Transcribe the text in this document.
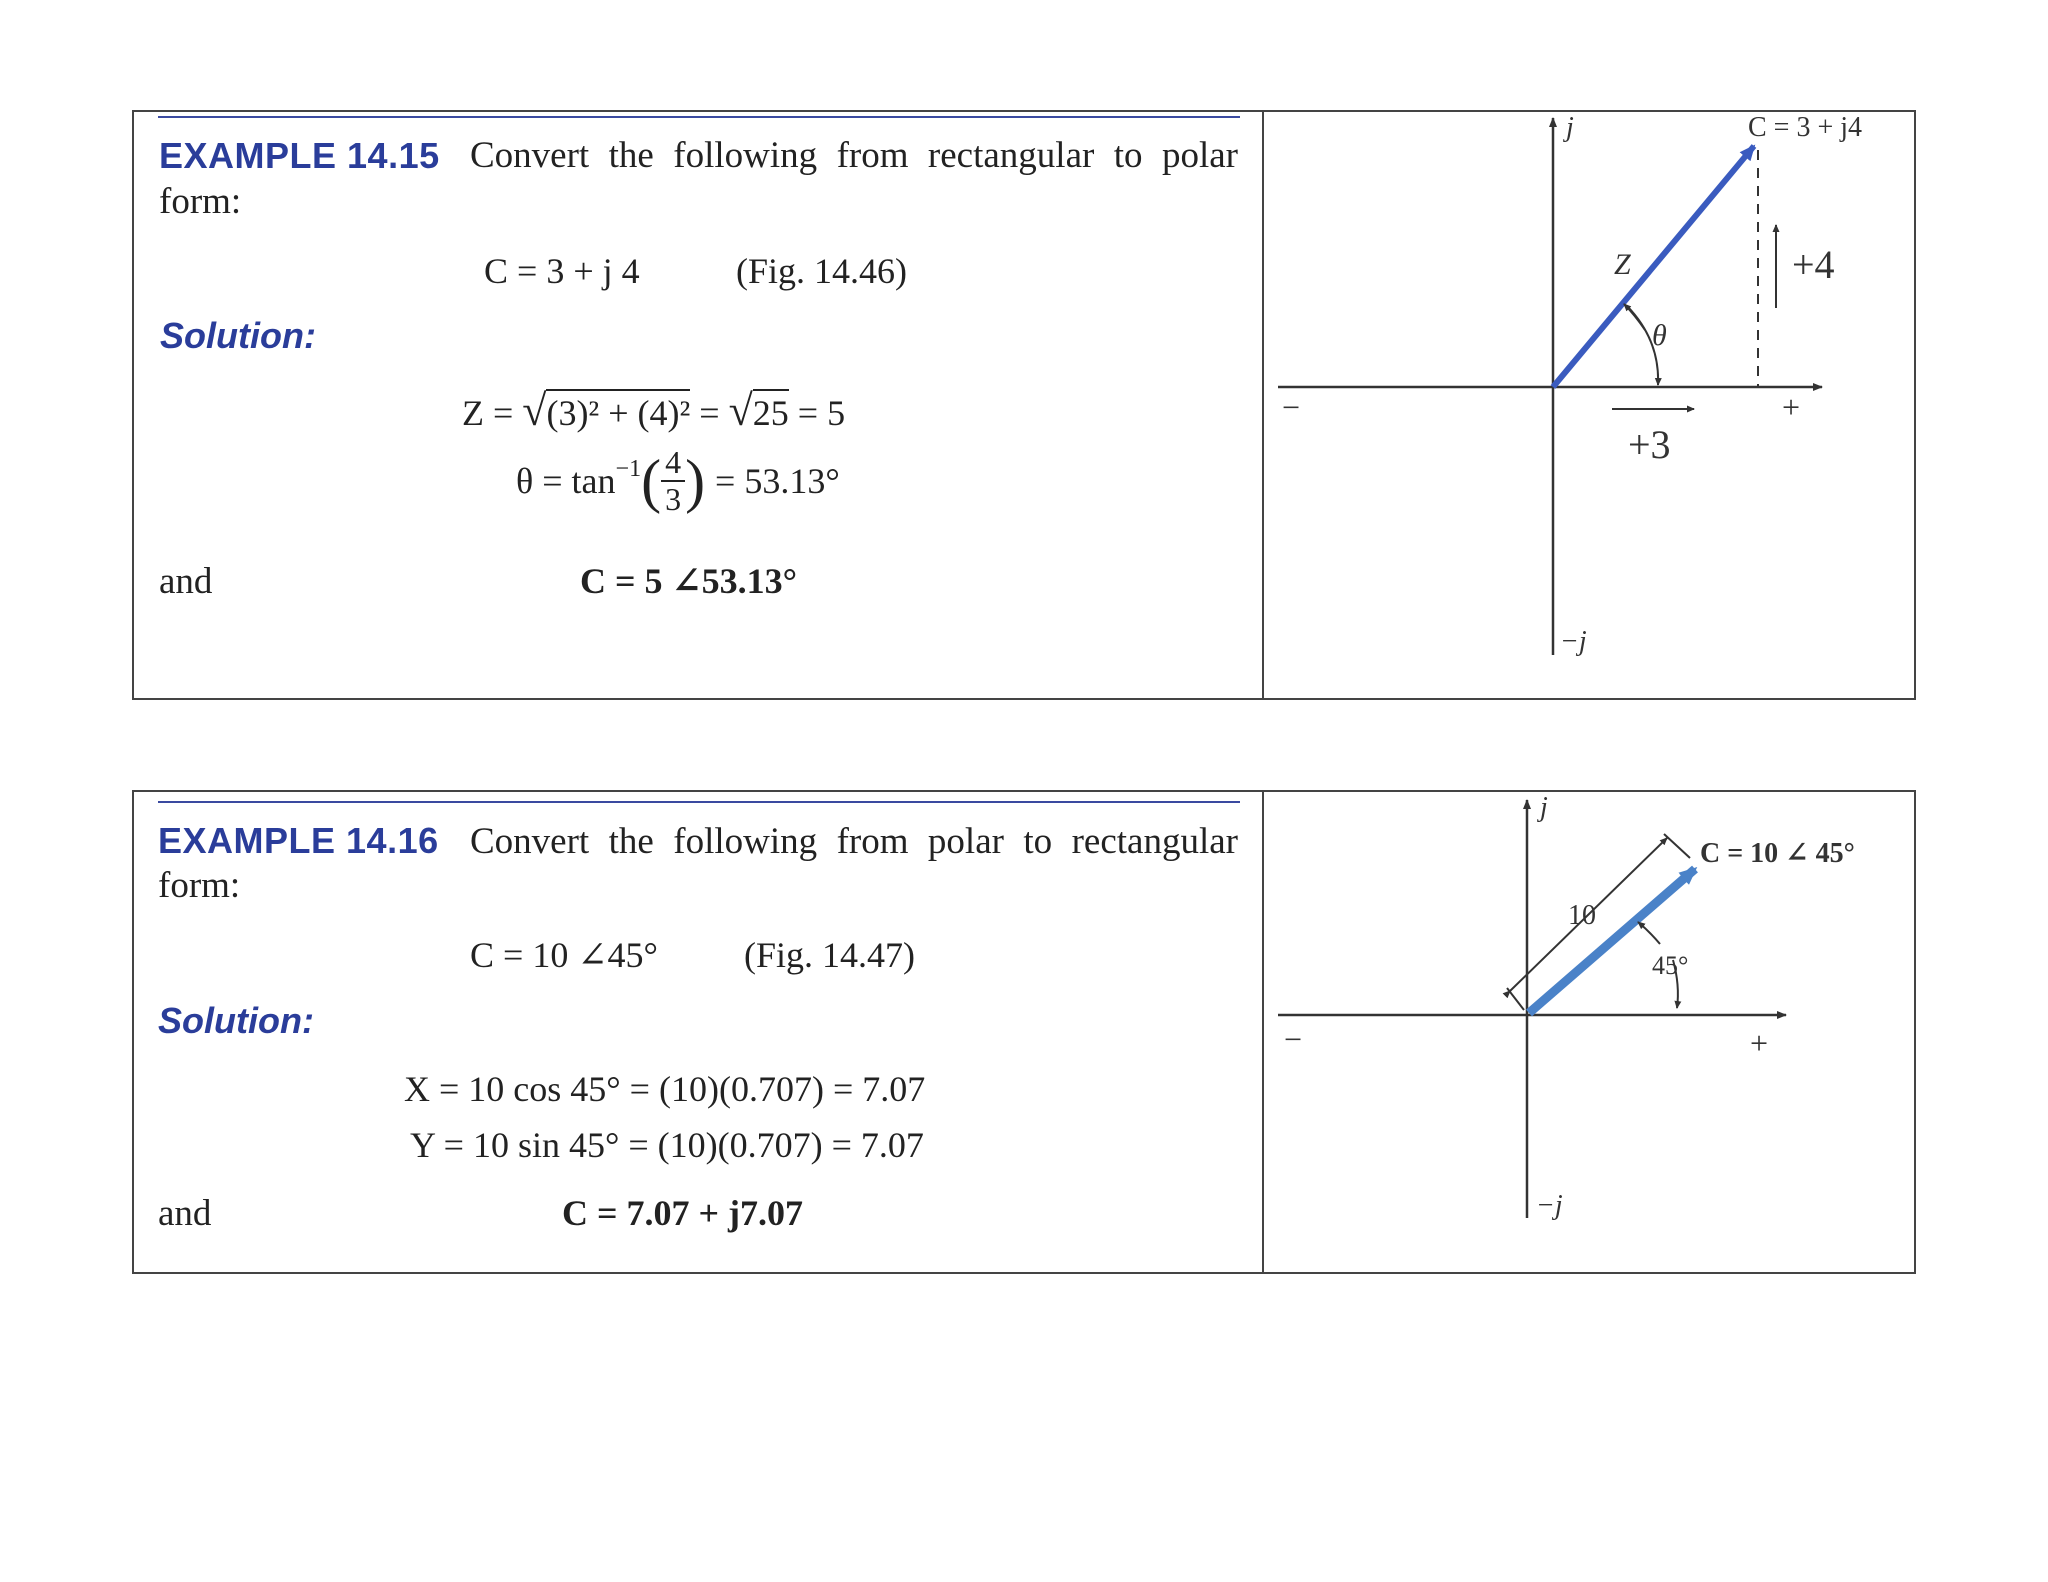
EXAMPLE 14.15 Convert the following from rectangular to polar
form:
C = 3 + j 4	(Fig. 14.46)
Solution:
Z = √(3)² + (4)² = √25 = 5
$\theta = \tan^{-1}$ ( $\frac{4}{3}$ ) = 53.13°
and	C = 5 ∠53.13°
j
−j
−	+
C = 3 + j4
Z
θ
+3
+4
EXAMPLE 14.16 Convert the following from polar to rectangular
form:
C = 10 ∠45° (Fig. 14.47)
Solution:
X = 10 cos 45° = (10)(0.707) = 7.07
Y = 10 sin 45° = (10)(0.707) = 7.07
and	C = 7.07 + j7.07
j
−j
−	+
C = 10 ∠ 45°
10
45°
